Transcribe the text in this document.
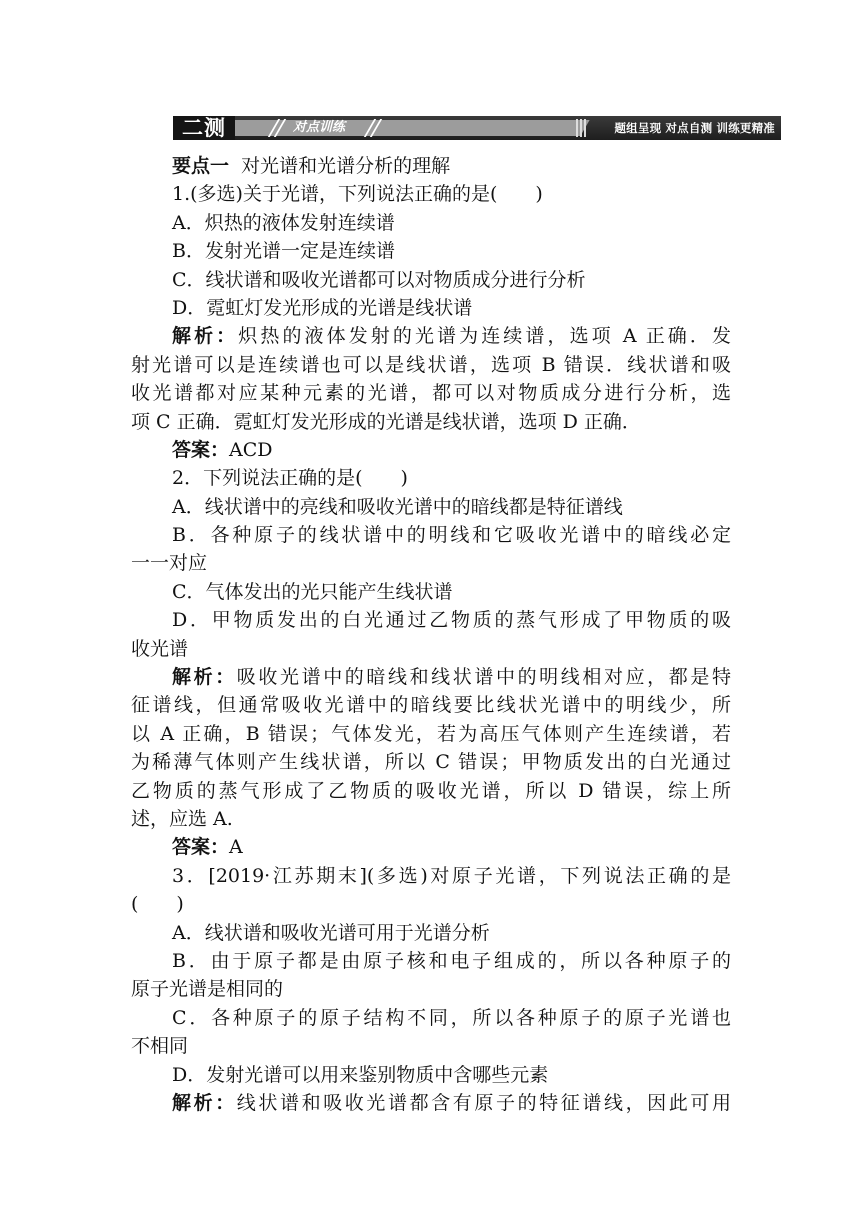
对点训练
二测	题组呈现 对点自测 训练更精准
要点一  对光谱和光谱分析的理解
1.(多选)关于光谱，下列说法正确的是(　　)
A．炽热的液体发射连续谱
B．发射光谱一定是连续谱
C．线状谱和吸收光谱都可以对物质成分进行分析
D．霓虹灯发光形成的光谱是线状谱
解析：炽热的液体发射的光谱为连续谱，选项 A 正确．发
射光谱可以是连续谱也可以是线状谱，选项 B 错误．线状谱和吸
收光谱都对应某种元素的光谱，都可以对物质成分进行分析，选
项 C 正确．霓虹灯发光形成的光谱是线状谱，选项 D 正确．
答案：ACD
2．下列说法正确的是(　　)
A．线状谱中的亮线和吸收光谱中的暗线都是特征谱线
B．各种原子的线状谱中的明线和它吸收光谱中的暗线必定
一一对应
C．气体发出的光只能产生线状谱
D．甲物质发出的白光通过乙物质的蒸气形成了甲物质的吸
收光谱
解析：吸收光谱中的暗线和线状谱中的明线相对应，都是特
征谱线，但通常吸收光谱中的暗线要比线状光谱中的明线少，所
以 A 正确，B 错误；气体发光，若为高压气体则产生连续谱，若
为稀薄气体则产生线状谱，所以 C 错误；甲物质发出的白光通过
乙物质的蒸气形成了乙物质的吸收光谱，所以 D 错误，综上所
述，应选 A.
答案：A
3．[2019·江苏期末](多选)对原子光谱，下列说法正确的是
(　　)
A．线状谱和吸收光谱可用于光谱分析
B．由于原子都是由原子核和电子组成的，所以各种原子的
原子光谱是相同的
C．各种原子的原子结构不同，所以各种原子的原子光谱也
不相同
D．发射光谱可以用来鉴别物质中含哪些元素
解析：线状谱和吸收光谱都含有原子的特征谱线，因此可用
